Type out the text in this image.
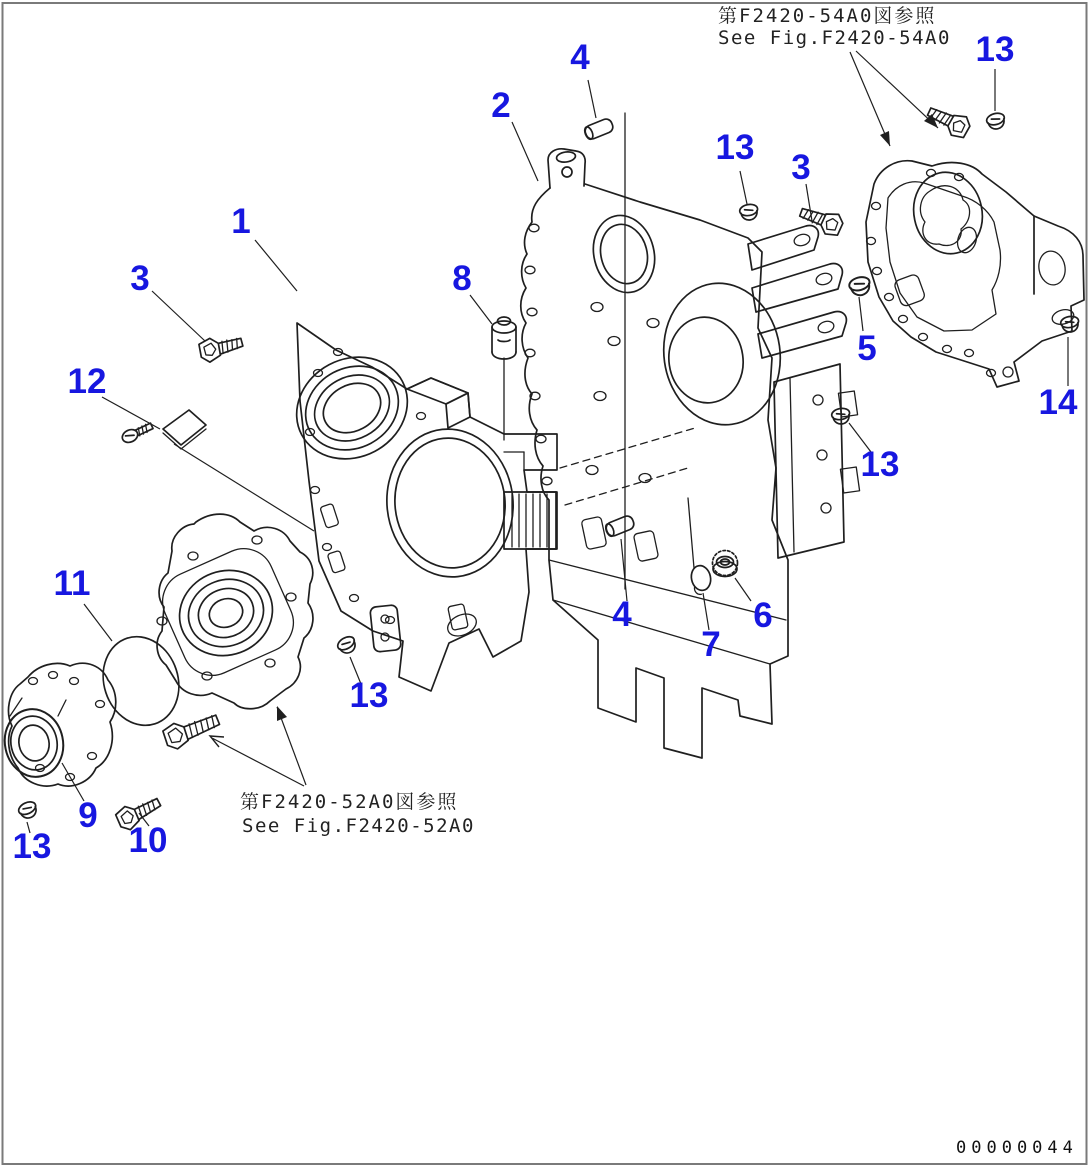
1
2
3
3
4
4
5
6
7
8
9
10
11
12
13
13
13
13
13
14
第F2420-54A0図参照
See Fig.F2420-54A0
第F2420-52A0図参照
See Fig.F2420-52A0
00000044
